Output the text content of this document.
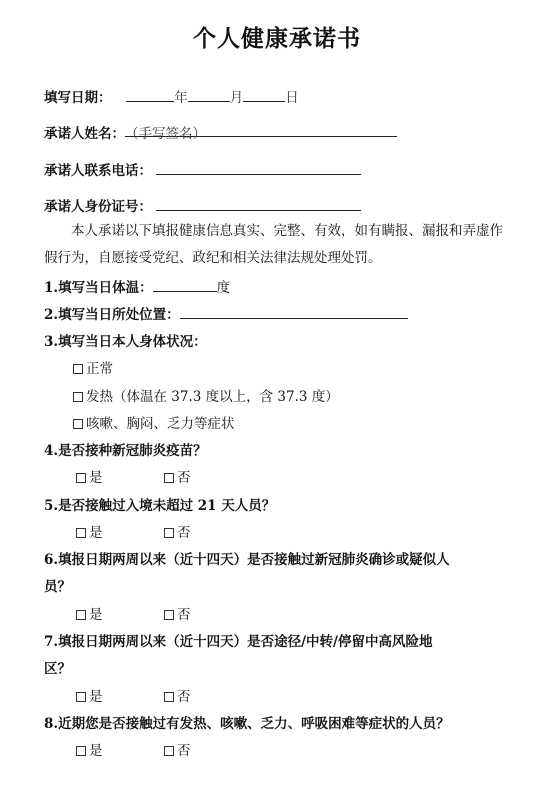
个人健康承诺书
填写日期：	年	月	日
承诺人姓名：（手写签名）
承诺人联系电话：
承诺人身份证号：
本人承诺以下填报健康信息真实、完整、有效，如有瞒报、漏报和弄虚作假行为，自愿接受党纪、政纪和相关法律法规处理处罚。
1.填写当日体温：	度
2.填写当日所处位置：
3.填写当日本人身体状况：
正常
发热（体温在 37.3 度以上，含 37.3 度）
咳嗽、胸闷、乏力等症状
4.是否接种新冠肺炎疫苗？
是	否
5.是否接触过入境未超过 21 天人员？
是	否
6.填报日期两周以来（近十四天）是否接触过新冠肺炎确诊或疑似人
员？
是	否
7.填报日期两周以来（近十四天）是否途径/中转/停留中高风险地
区？
是	否
8.近期您是否接触过有发热、咳嗽、乏力、呼吸困难等症状的人员？
是	否
